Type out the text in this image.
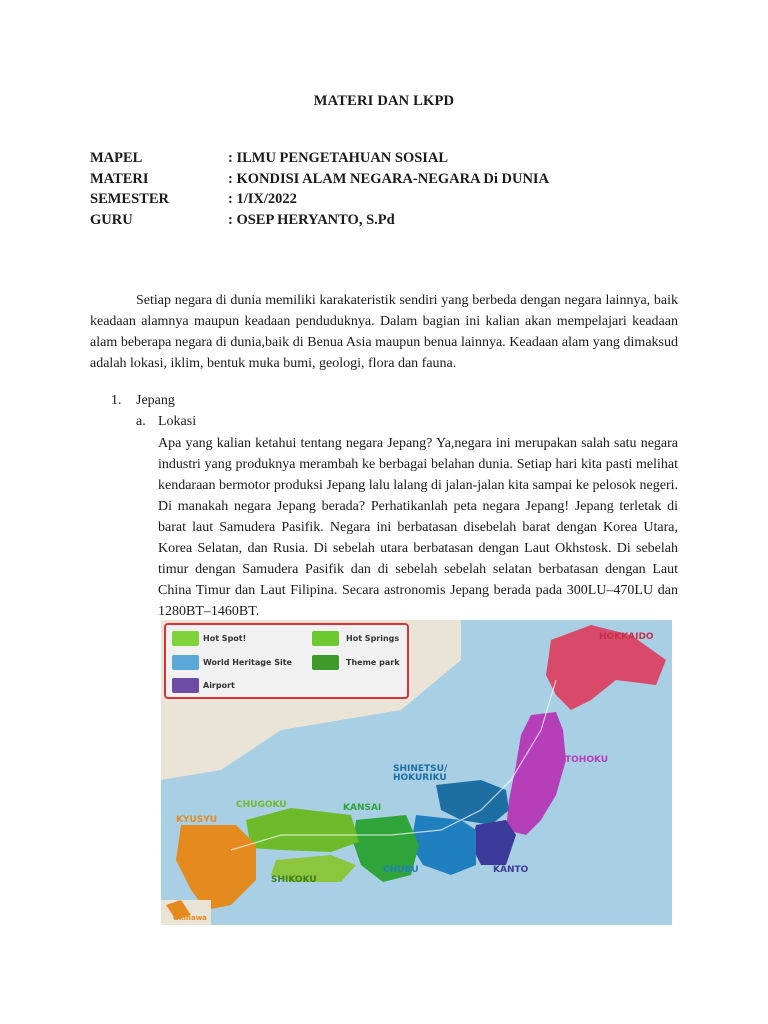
MATERI DAN LKPD
MAPEL	: ILMU PENGETAHUAN SOSIAL
MATERI	: KONDISI ALAM NEGARA-NEGARA Di DUNIA
SEMESTER	: 1/IX/2022
GURU	: OSEP HERYANTO, S.Pd

Setiap negara di dunia memiliki karakateristik sendiri yang berbeda dengan negara lainnya, baik keadaan alamnya maupun keadaan penduduknya. Dalam bagian ini kalian akan mempelajari keadaan alam beberapa negara di dunia,baik di Benua Asia maupun benua lainnya. Keadaan alam yang dimaksud adalah lokasi, iklim, bentuk muka bumi, geologi, flora dan fauna.

1. Jepang
a. Lokasi

Apa yang kalian ketahui tentang negara Jepang? Ya,negara ini merupakan salah satu negara industri yang produknya merambah ke berbagai belahan dunia. Setiap hari kita pasti melihat kendaraan bermotor produksi Jepang lalu lalang di jalan-jalan kita sampai ke pelosok negeri. Di manakah negara Jepang berada? Perhatikanlah peta negara Jepang! Jepang terletak di barat laut Samudera Pasifik. Negara ini berbatasan disebelah barat dengan Korea Utara, Korea Selatan, dan Rusia. Di sebelah utara berbatasan dengan Laut Okhstosk. Di sebelah timur dengan Samudera Pasifik dan di sebelah sebelah selatan berbatasan dengan Laut China Timur dan Laut Filipina. Secara astronomis Jepang berada pada 300LU–470LU dan 1280BT–1460BT.

Hot Spot!	Hot Springs
World Heritage Site	Theme park
Airport
HOKKAIDO
TOHOKU
SHINETSU/
HOKURIKU
KANSAI
CHUGOKU
KYUSYU
SHIKOKU
CHUBU	KANTO
Okinawa
